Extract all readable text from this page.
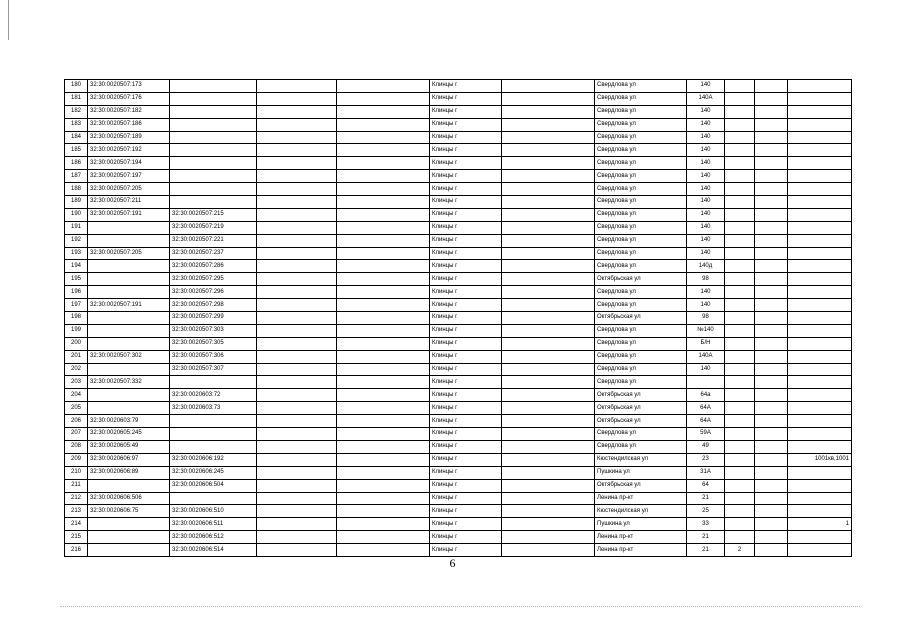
180	32:30:0020507:173				Клинцы г		Свердлова ул	140			
181	32:30:0020507:176				Клинцы г		Свердлова ул	140А			
182	32:30:0020507:182				Клинцы г		Свердлова ул	140			
183	32:30:0020507:186				Клинцы г		Свердлова ул	140			
184	32:30:0020507:189				Клинцы г		Свердлова ул	140			
185	32:30:0020507:192				Клинцы г		Свердлова ул	140			
186	32:30:0020507:194				Клинцы г		Свердлова ул	140			
187	32:30:0020507:197				Клинцы г		Свердлова ул	140			
188	32:30:0020507:205				Клинцы г		Свердлова ул	140			
189	32:30:0020507:211				Клинцы г		Свердлова ул	140			
190	32:30:0020507:191	32:30:0020507:215			Клинцы г		Свердлова ул	140			
191		32:30:0020507:219			Клинцы г		Свердлова ул	140			
192		32:30:0020507:221			Клинцы г		Свердлова ул	140			
193	32:30:0020507:205	32:30:0020507:237			Клинцы г		Свердлова ул	140			
194		32:30:0020507:286			Клинцы г		Свердлова ул	140д			
195		32:30:0020507:295			Клинцы г		Октябрьская ул	98			
196		32:30:0020507:296			Клинцы г		Свердлова ул	140			
197	32:30:0020507:191	32:30:0020507:298			Клинцы г		Свердлова ул	140			
198		32:30:0020507:299			Клинцы г		Октябрьская ул	98			
199		32:30:0020507:303			Клинцы г		Свердлова ул	№140			
200		32:30:0020507:305			Клинцы г		Свердлова ул	Б/Н			
201	32:30:0020507:302	32:30:0020507:306			Клинцы г		Свердлова ул	140А			
202		32:30:0020507:307			Клинцы г		Свердлова ул	140			
203	32:30:0020507:332				Клинцы г		Свердлова ул				
204		32:30:0020603:72			Клинцы г		Октябрьская ул	64а			
205		32:30:0020603:73			Клинцы г		Октябрьская ул	64А			
206	32:30:0020603:79				Клинцы г		Октябрьская ул	64А			
207	32:30:0020605:245				Клинцы г		Свердлова ул	59А			
208	32:30:0020605:49				Клинцы г		Свердлова ул	49			
209	32:30:0020606:97	32:30:0020606:192			Клинцы г		Кюстендилская ул	23			1001кв,1001
210	32:30:0020606:89	32:30:0020606:245			Клинцы г		Пушкина ул	31А			
211		32:30:0020606:504			Клинцы г		Октябрьская ул	64			
212	32:30:0020606:506				Клинцы г		Ленина пр-кт	21			
213	32:30:0020606:75	32:30:0020606:510			Клинцы г		Кюстендилская ул	25			
214		32:30:0020606:511			Клинцы г		Пушкина ул	33			1
215		32:30:0020606:512			Клинцы г		Ленина пр-кт	21			
216		32:30:0020606:514			Клинцы г		Ленина пр-кт	21	2		
6
